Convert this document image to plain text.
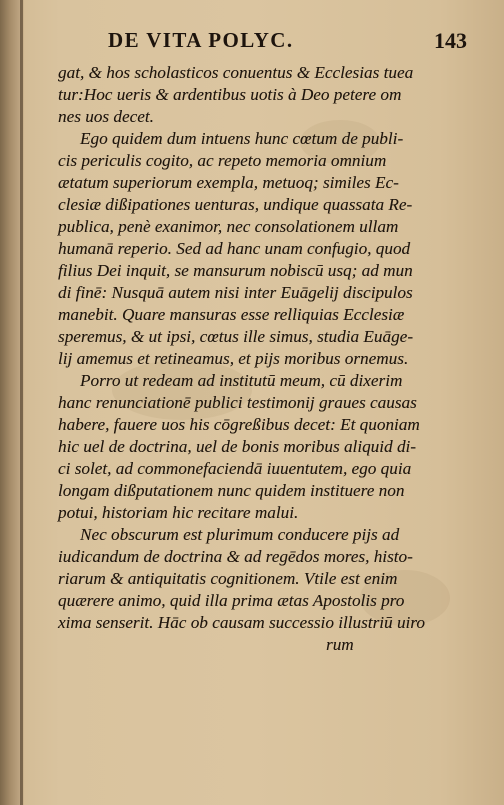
DE VITA POLYC.	143
gat, & hos scholasticos conuentus & Ecclesias tuea
tur:Hoc ueris & ardentibus uotis à Deo petere om
nes uos decet.
Ego quidem dum intuens hunc cœtum de publi-
cis periculis cogito, ac repeto memoria omnium
ætatum superiorum exempla, metuoq; similes Ec-
clesiæ dißipationes uenturas, undique quassata Re-
publica, penè exanimor, nec consolationem ullam
humanā reperio. Sed ad hanc unam confugio, quod
filius Dei inquit, se mansurum nobiscū usq; ad mun
di finē: Nusquā autem nisi inter Euāgelij discipulos
manebit. Quare mansuras esse relliquias Ecclesiæ
speremus, & ut ipsi, cœtus ille simus, studia Euāge-
lij amemus et retineamus, et pijs moribus ornemus.
Porro ut redeam ad institutū meum, cū dixerim
hanc renunciationē publici testimonij graues causas
habere, fauere uos his cōgreßibus decet: Et quoniam
hic uel de doctrina, uel de bonis moribus aliquid di-
ci solet, ad commonefaciendā iuuentutem, ego quia
longam dißputationem nunc quidem instituere non
potui, historiam hic recitare malui.
Nec obscurum est plurimum conducere pijs ad
iudicandum de doctrina & ad regēdos mores, histo-
riarum & antiquitatis cognitionem. Vtile est enim
quærere animo, quid illa prima ætas Apostolis pro
xima senserit. Hāc ob causam successio illustriū uiro
rum
